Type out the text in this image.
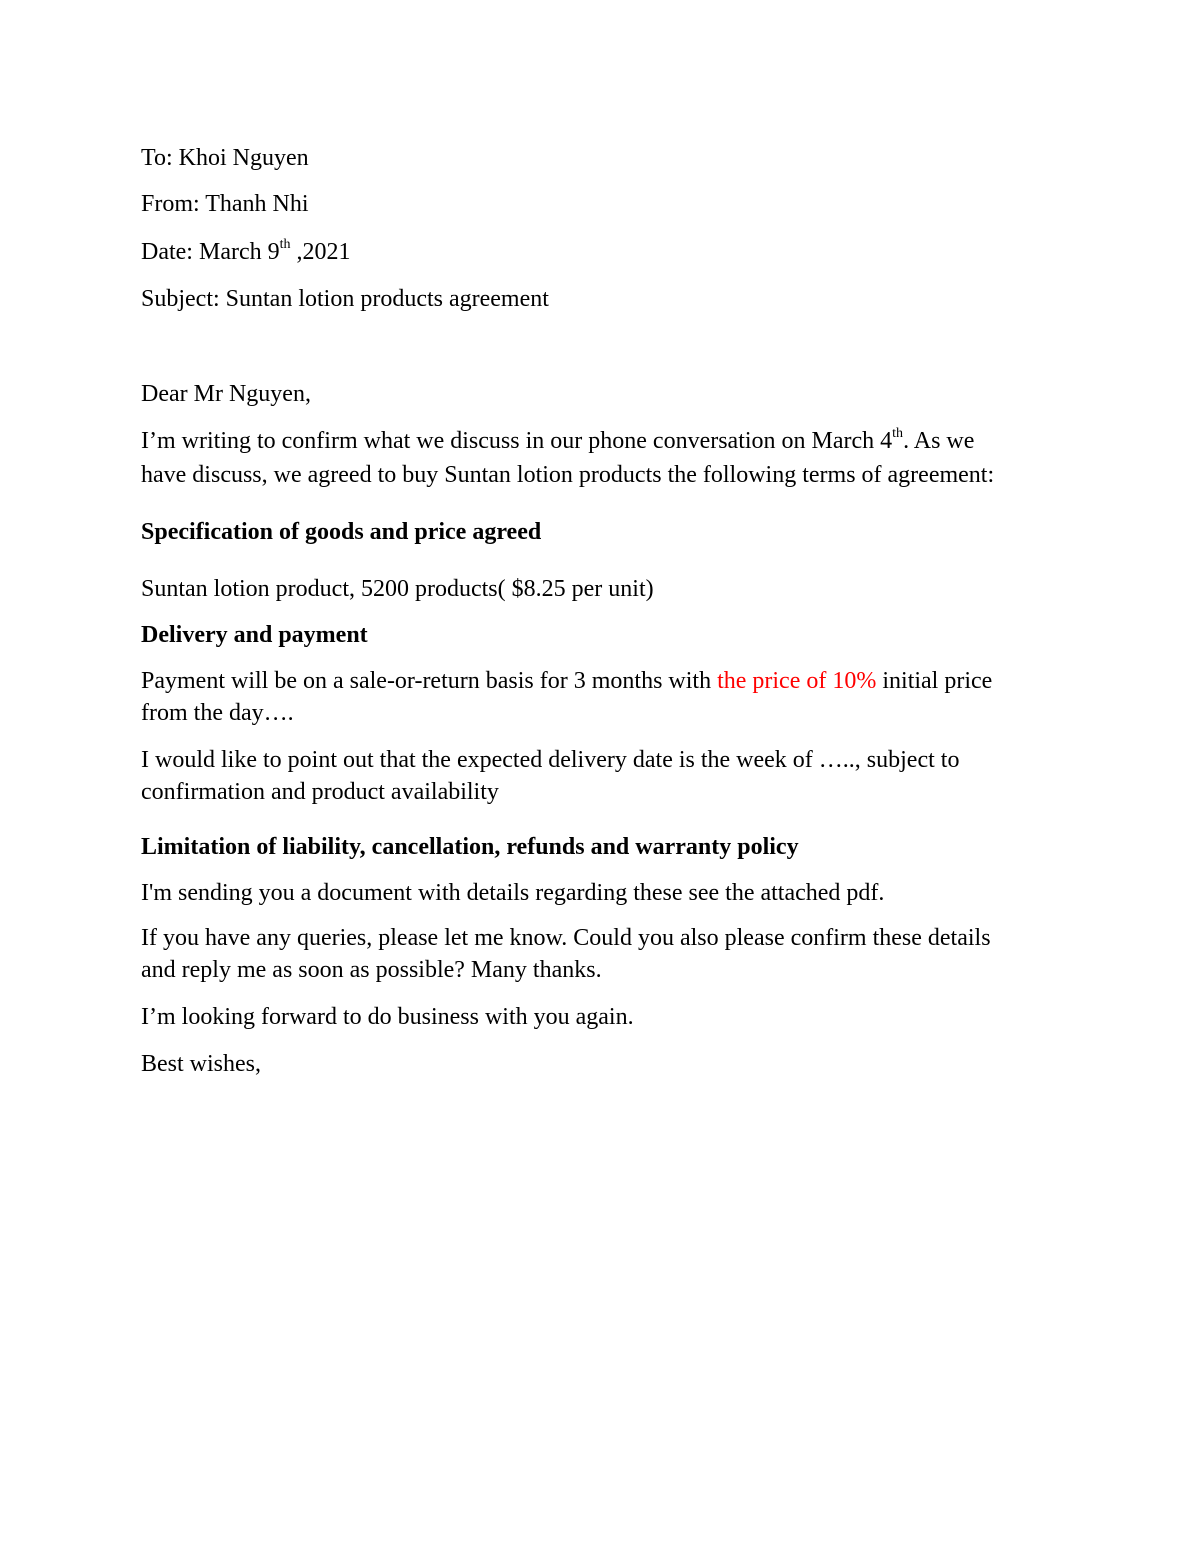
To: Khoi Nguyen
From: Thanh Nhi
Date: March 9th ,2021
Subject: Suntan lotion products agreement
Dear Mr Nguyen,
I’m writing to confirm what we discuss in our phone conversation on March 4th. As we
have discuss, we agreed to buy Suntan lotion products the following terms of agreement:
Specification of goods and price agreed
Suntan lotion product, 5200 products( $8.25 per unit)
Delivery and payment
Payment will be on a sale-or-return basis for 3 months with the price of 10% initial price
from the day….
I would like to point out that the expected delivery date is the week of ….., subject to
confirmation and product availability
Limitation of liability, cancellation, refunds and warranty policy
I'm sending you a document with details regarding these see the attached pdf.
If you have any queries, please let me know. Could you also please confirm these details
and reply me as soon as possible? Many thanks.
I’m looking forward to do business with you again.
Best wishes,
